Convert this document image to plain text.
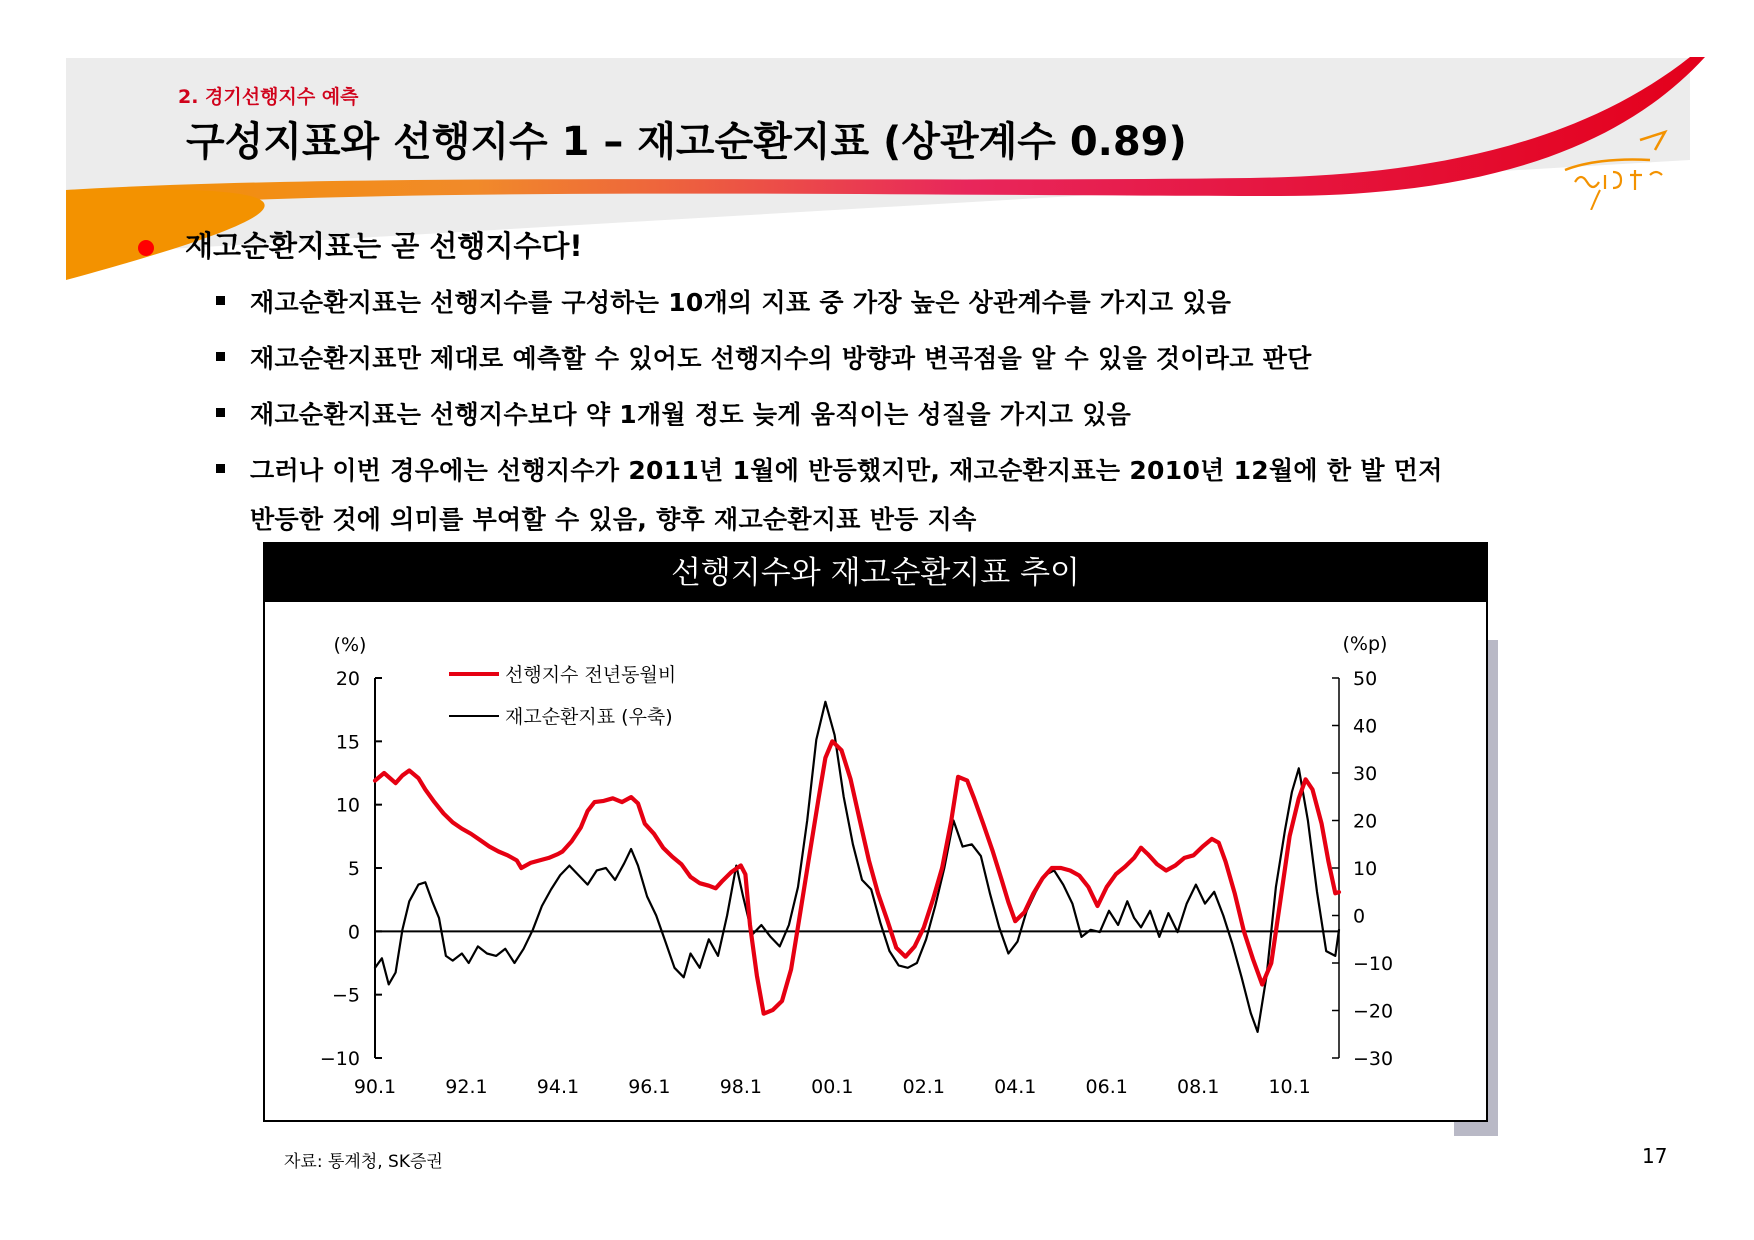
2. 경기선행지수 예측
구성지표와 선행지수 1 – 재고순환지표 (상관계수 0.89)
재고순환지표는 곧 선행지수다!
재고순환지표는 선행지수를 구성하는 10개의 지표 중 가장 높은 상관계수를 가지고 있음
재고순환지표만 제대로 예측할 수 있어도 선행지수의 방향과 변곡점을 알 수 있을 것이라고 판단
재고순환지표는 선행지수보다 약 1개월 정도 늦게 움직이는 성질을 가지고 있음
그러나 이번 경우에는 선행지수가 2011년 1월에 반등했지만, 재고순환지표는 2010년 12월에 한 발 먼저
반등한 것에 의미를 부여할 수 있음, 향후 재고순환지표 반등 지속
선행지수와 재고순환지표 추이
(%)	(%p)
선행지수 전년동월비
재고순환지표 (우축)
20
15
10
5
0
−5
−10
50
40
30
20
10
0
−10
−20
−30
90.1	92.1	94.1	96.1	98.1	00.1	02.1	04.1	06.1	08.1	10.1
자료: 통계청, SK증권	17
